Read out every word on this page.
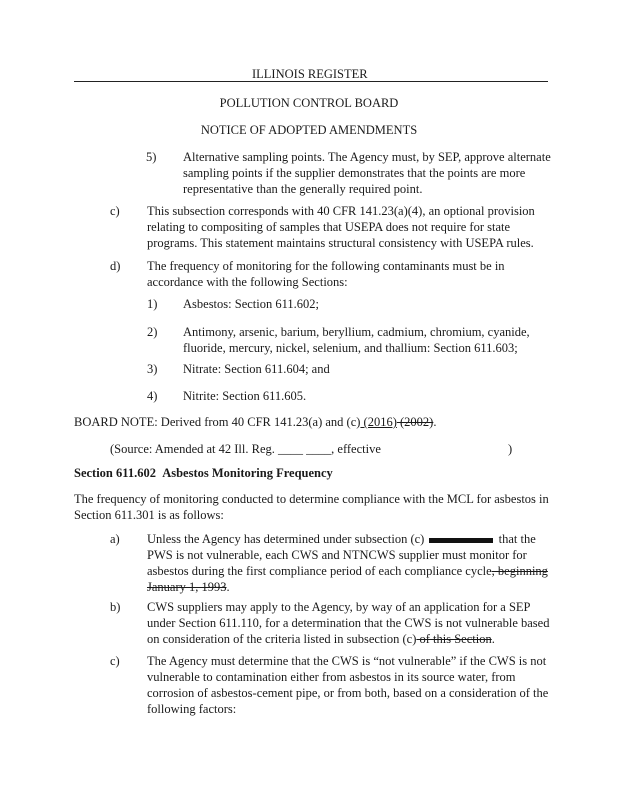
ILLINOIS REGISTER
POLLUTION CONTROL BOARD
NOTICE OF ADOPTED AMENDMENTS
5) Alternative sampling points. The Agency must, by SEP, approve alternate
sampling points if the supplier demonstrates that the points are more
representative than the generally required point.
c) This subsection corresponds with 40 CFR 141.23(a)(4), an optional provision
relating to compositing of samples that USEPA does not require for state
programs. This statement maintains structural consistency with USEPA rules.
d) The frequency of monitoring for the following contaminants must be in
accordance with the following Sections:
1) Asbestos: Section 611.602;
2) Antimony, arsenic, barium, beryllium, cadmium, chromium, cyanide,
fluoride, mercury, nickel, selenium, and thallium: Section 611.603;
3) Nitrate: Section 611.604; and
4) Nitrite: Section 611.605.
BOARD NOTE: Derived from 40 CFR 141.23(a) and (c) (2016) (2002).
(Source: Amended at 42 Ill. Reg. ____ ____, effective	)
Section 611.602 Asbestos Monitoring Frequency
The frequency of monitoring conducted to determine compliance with the MCL for asbestos in
Section 611.301 is as follows:
a) Unless the Agency has determined under subsection (c)	that the
PWS is not vulnerable, each CWS and NTNCWS supplier must monitor for
asbestos during the first compliance period of each compliance cycle, beginning
January 1, 1993.
b) CWS suppliers may apply to the Agency, by way of an application for a SEP
under Section 611.110, for a determination that the CWS is not vulnerable based
on consideration of the criteria listed in subsection (c) of this Section.
c) The Agency must determine that the CWS is “not vulnerable” if the CWS is not
vulnerable to contamination either from asbestos in its source water, from
corrosion of asbestos-cement pipe, or from both, based on a consideration of the
following factors:
